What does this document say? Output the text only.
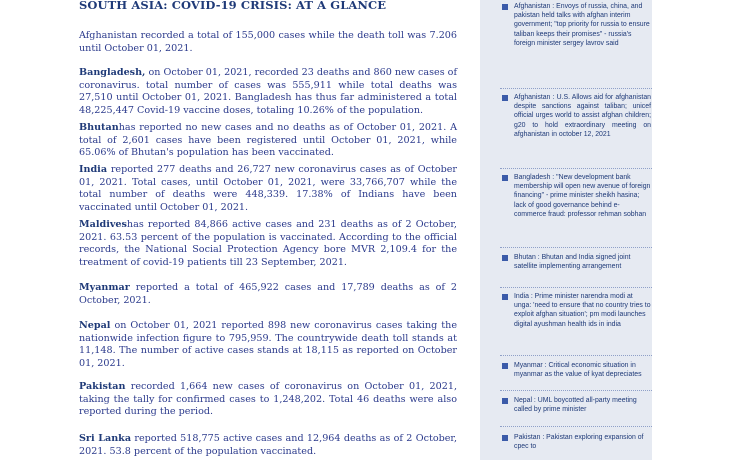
SOUTH ASIA: COVID-19 CRISIS: AT A GLANCE
Afghanistan recorded a total of 155,000 cases while the death toll was 7.206 until October 01, 2021.
Bangladesh, on October 01, 2021, recorded 23 deaths and 860 new cases of coronavirus. total number of cases was 555,911 while total deaths was 27,510 until October 01, 2021. Bangladesh has thus far administered a total 48,225,447 Covid-19 vaccine doses, totaling 10.26% of the population.
Bhutanhas reported no new cases and no deaths as of October 01, 2021. A total of 2,601 cases have been registered until October 01, 2021, while 65.06% of Bhutan's population has been vaccinated.
India reported 277 deaths and 26,727 new coronavirus cases as of October 01, 2021. Total cases, until October 01, 2021, were 33,766,707 while the total number of deaths were 448,339. 17.38% of Indians have been vaccinated until October 01, 2021.
Maldiveshas reported 84,866 active cases and 231 deaths as of 2 October, 2021. 63.53 percent of the population is vaccinated. According to the official records, the National Social Protection Agency bore MVR 2,109.4 for the treatment of covid-19 patients till 23 September, 2021.
Myanmar reported a total of 465,922 cases and 17,789 deaths as of 2 October, 2021.
Nepal on October 01, 2021 reported 898 new coronavirus cases taking the nationwide infection figure to 795,959. The countrywide death toll stands at 11,148. The number of active cases stands at 18,115 as reported on October 01, 2021.
Pakistan recorded 1,664 new cases of coronavirus on October 01, 2021, taking the tally for confirmed cases to 1,248,202. Total 46 deaths were also reported during the period.
Sri Lanka reported 518,775 active cases and 12,964 deaths as of 2 October, 2021. 53.8 percent of the population vaccinated.
Afghanistan : Envoys of russia, china, and pakistan held talks with afghan interim government; "top priority for russia to ensure taliban keeps their promises" - russia's foreign minister sergey lavrov said
Afghanistan : U.S. Allows aid for afghanistan despite sanctions against taliban; unicef official urges world to assist afghan children; g20 to hold extraordinary meeting on afghanistan in october 12, 2021
Bangladesh : "New development bank membership will open new avenue of foreign financing" - prime minister sheikh hasina; lack of good governance behind e-commerce fraud: professor rehman sobhan
Bhutan : Bhutan and India signed joint satellite implementing arrangement
India : Prime minister narendra modi at unga: 'need to ensure that no country tries to exploit afghan situation'; pm modi launches digital ayushman health ids in india
Myanmar : Critical economic situation in myanmar as the value of kyat depreciates
Nepal : UML boycotted all-party meeting called by prime minister
Pakistan : Pakistan exploring expansion of cpec to
